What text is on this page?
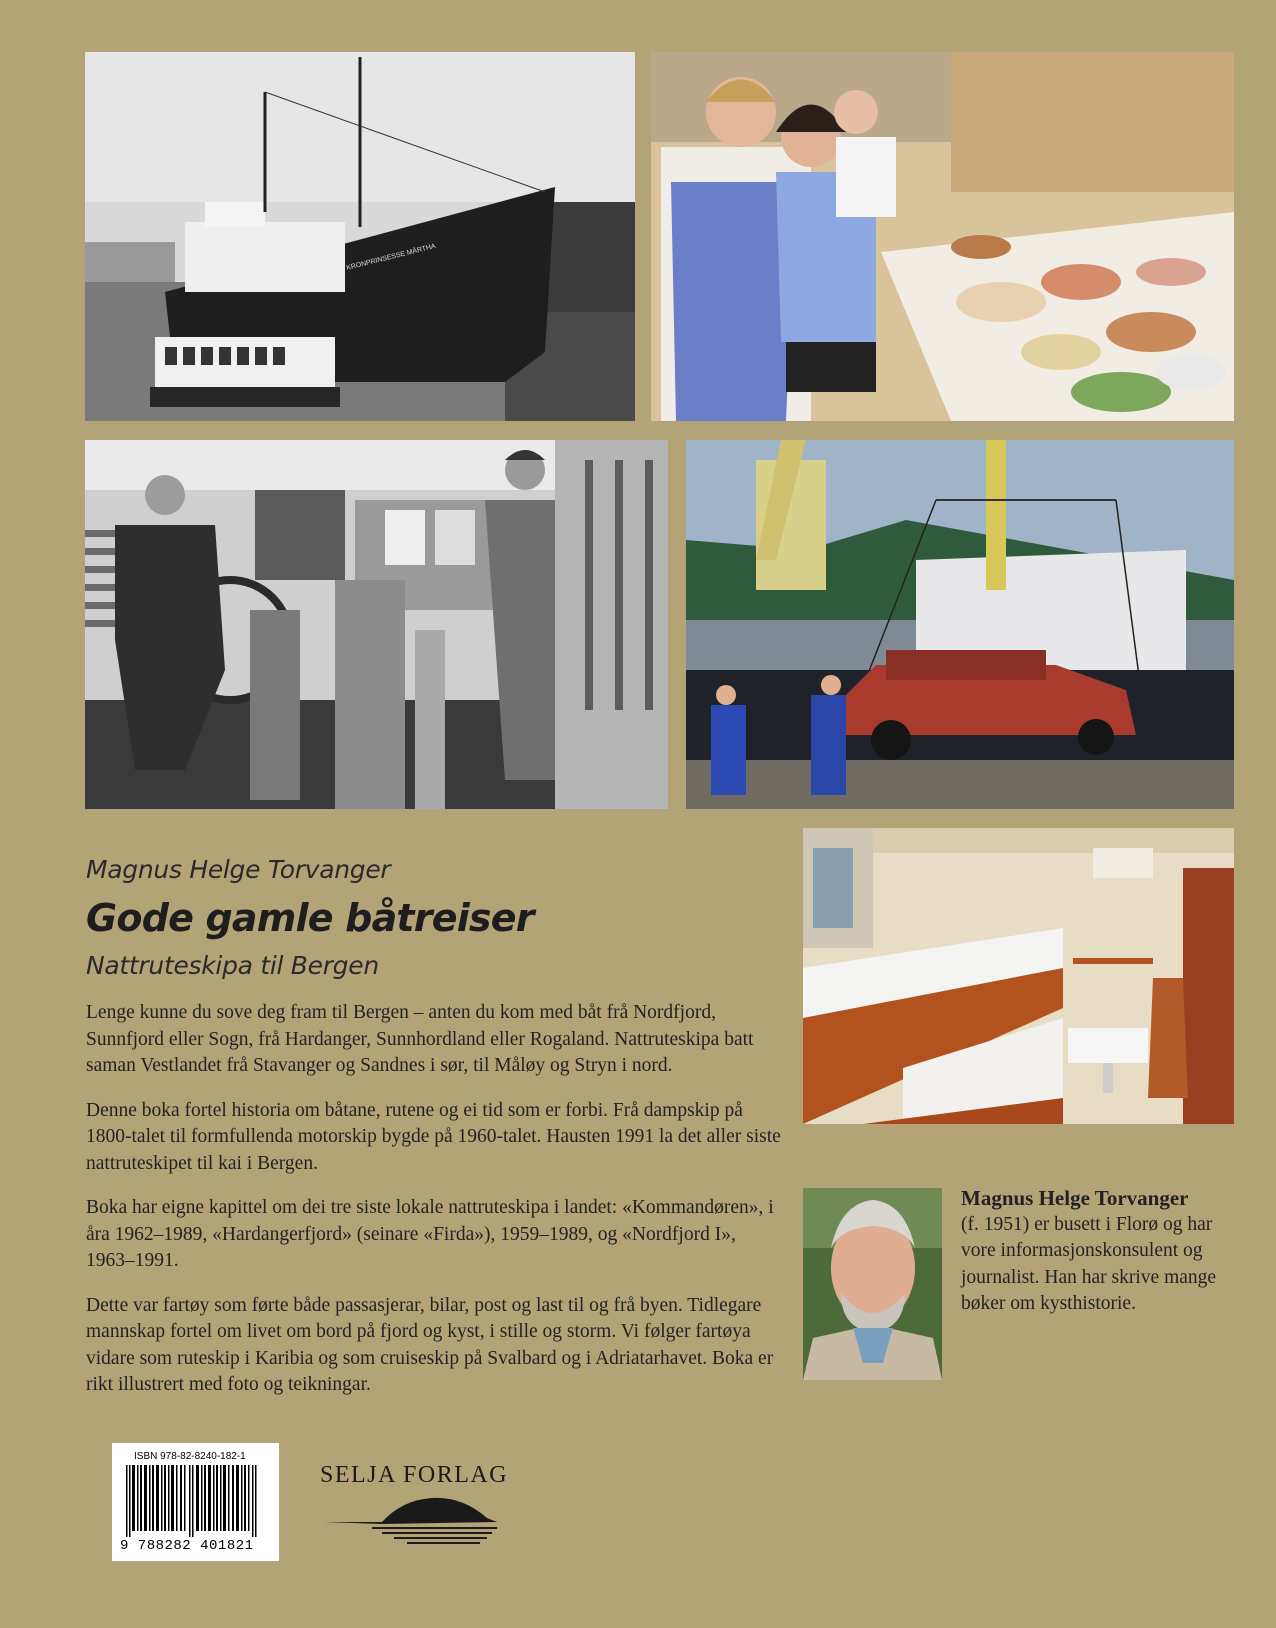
KRONPRINSESSE MÄRTHA
Magnus Helge Torvanger
Gode gamle båtreiser
Nattruteskipa til Bergen

Lenge kunne du sove deg fram til Bergen – anten du kom med båt frå Nordfjord, Sunnfjord eller Sogn, frå Hardanger, Sunnhordland eller Rogaland. Nattruteskipa batt saman Vestlandet frå Stavanger og Sandnes i sør, til Måløy og Stryn i nord.

Denne boka fortel historia om båtane, rutene og ei tid som er forbi. Frå dampskip på 1800-talet til formfullenda motorskip bygde på 1960-talet. Hausten 1991 la det aller siste nattruteskipet til kai i Bergen.

Boka har eigne kapittel om dei tre siste lokale nattruteskipa i landet: «Kommandøren», i åra 1962–1989, «Hardangerfjord» (seinare «Firda»), 1959–1989, og «Nordfjord I», 1963–1991.

Dette var fartøy som førte både passasjerar, bilar, post og last til og frå byen. Tidlegare mannskap fortel om livet om bord på fjord og kyst, i stille og storm. Vi følger fartøya vidare som ruteskip i Karibia og som cruiseskip på Svalbard og i Adriatarhavet. Boka er rikt illustrert med foto og teikningar.

Magnus Helge Torvanger
(f. 1951) er busett i Florø og har vore informasjonskonsulent og journalist. Han har skrive mange bøker om kysthistorie.
ISBN 978-82-8240-182-1
9 788282 401821
SELJA FORLAG
